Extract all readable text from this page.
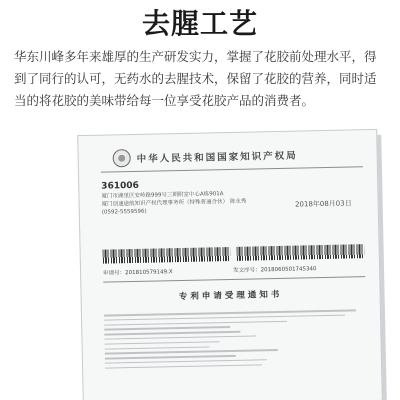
去腥工艺
华东川峰多年来雄厚的生产研发实力，掌握了花胶前处理水平，得到了同行的认可，无药水的去腥技术，保留了花胶的营养，同时适当的将花胶的美味带给每一位享受花胶产品的消费者。
中华人民共和国国家知识产权局
361006
厦门市湖里区安岭路999号三期附室中心A栋901A
厦门创速途航知识产权代理事务所（特殊普通合伙） 陈永秀
(0592-5559596)
2018年08月03日
申请号：201810579149.X	发文序号：2018060501745340
专利申请受理通知书
